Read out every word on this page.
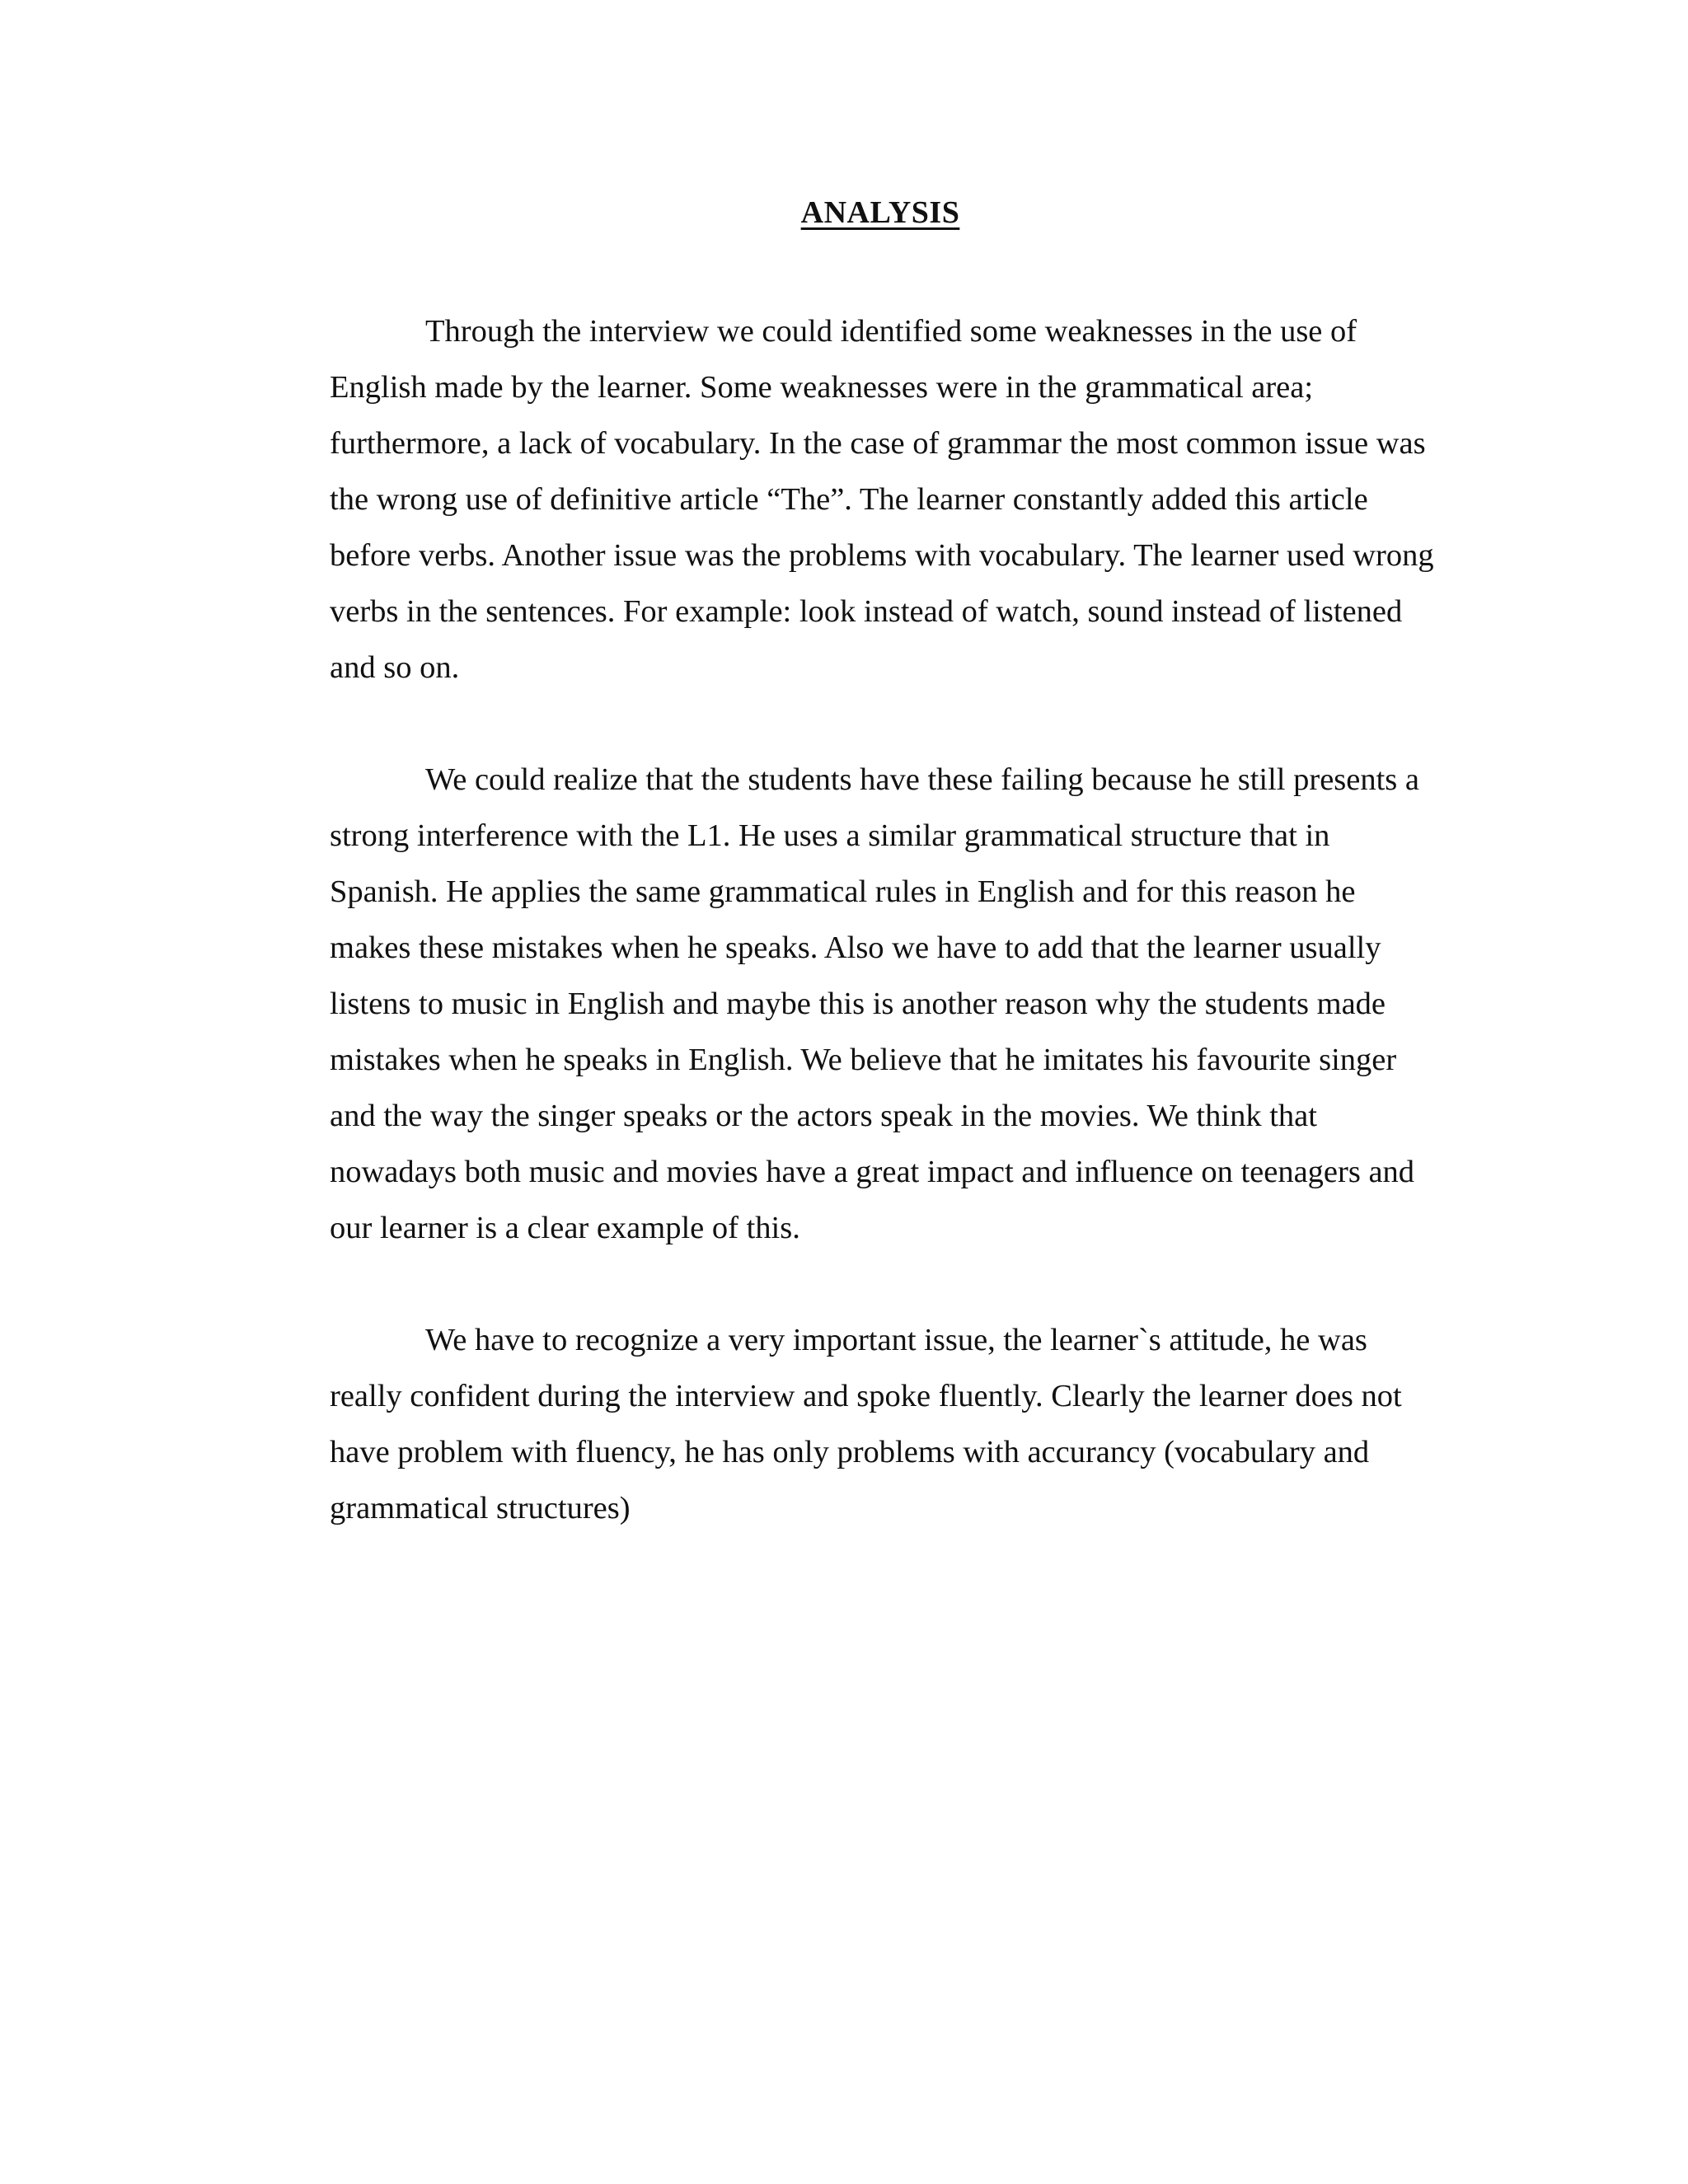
ANALYSIS

Through the interview we could identified some weaknesses in the use of English made by the learner. Some weaknesses were in the grammatical area; furthermore, a lack of vocabulary. In the case of grammar the most common issue was the wrong use of definitive article “The”. The learner constantly added this article before verbs. Another issue was the problems with vocabulary. The learner used wrong verbs in the sentences. For example: look instead of watch, sound instead of listened and so on.

We could realize that the students have these failing because he still presents a strong interference with the L1. He uses a similar grammatical structure that in Spanish. He applies the same grammatical rules in English and for this reason he makes these mistakes when he speaks. Also we have to add that the learner usually listens to music in English and maybe this is another reason why the students made mistakes when he speaks in English. We believe that he imitates his favourite singer and the way the singer speaks or the actors speak in the movies. We think that nowadays both music and movies have a great impact and influence on teenagers and our learner is a clear example of this.

We have to recognize a very important issue, the learner`s attitude, he was really confident during the interview and spoke fluently. Clearly the learner does not have problem with fluency, he has only problems with accurancy (vocabulary and grammatical structures)
